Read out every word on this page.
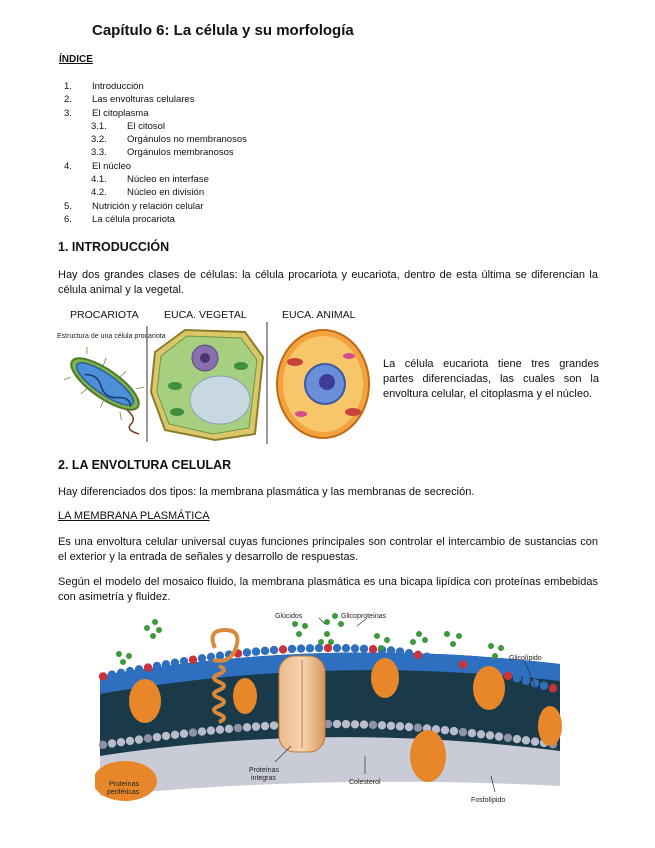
Capítulo 6: La célula y su morfología
ÍNDICE
1. Introducción
2. Las envolturas celulares
3. El citoplasma
3.1. El citosol
3.2. Orgánulos no membranosos
3.3. Orgánulos membranosos
4. El núcleo
4.1. Núcleo en interfase
4.2. Núcleo en división
5. Nutrición y relación celular
6. La célula procariota
1. INTRODUCCIÓN
Hay dos grandes clases de células: la célula procariota y eucariota, dentro de esta última se diferencian la célula animal y la vegetal.
PROCARIOTA EUCA. VEGETAL	EUCA. ANIMAL
Estructura de una célula procariota
La célula eucariota tiene tres grandes partes diferenciadas, las cuales son la envoltura celular, el citoplasma y el núcleo.
2. LA ENVOLTURA CELULAR
Hay diferenciados dos tipos: la membrana plasmática y las membranas de secreción.
LA MEMBRANA PLASMÁTICA
Es una envoltura celular universal cuyas funciones principales son controlar el intercambio de sustancias con el exterior y la entrada de señales y desarrollo de respuestas.
Según el modelo del mosaico fluido, la membrana plasmática es una bicapa lipídica con proteínas embebidas con asimetría y fluidez.
Glúcidos	Glicoproteínas
Glicolípido
Proteínas
integras
Colesterol
Fosfolípido
Proteínas
periféricas
